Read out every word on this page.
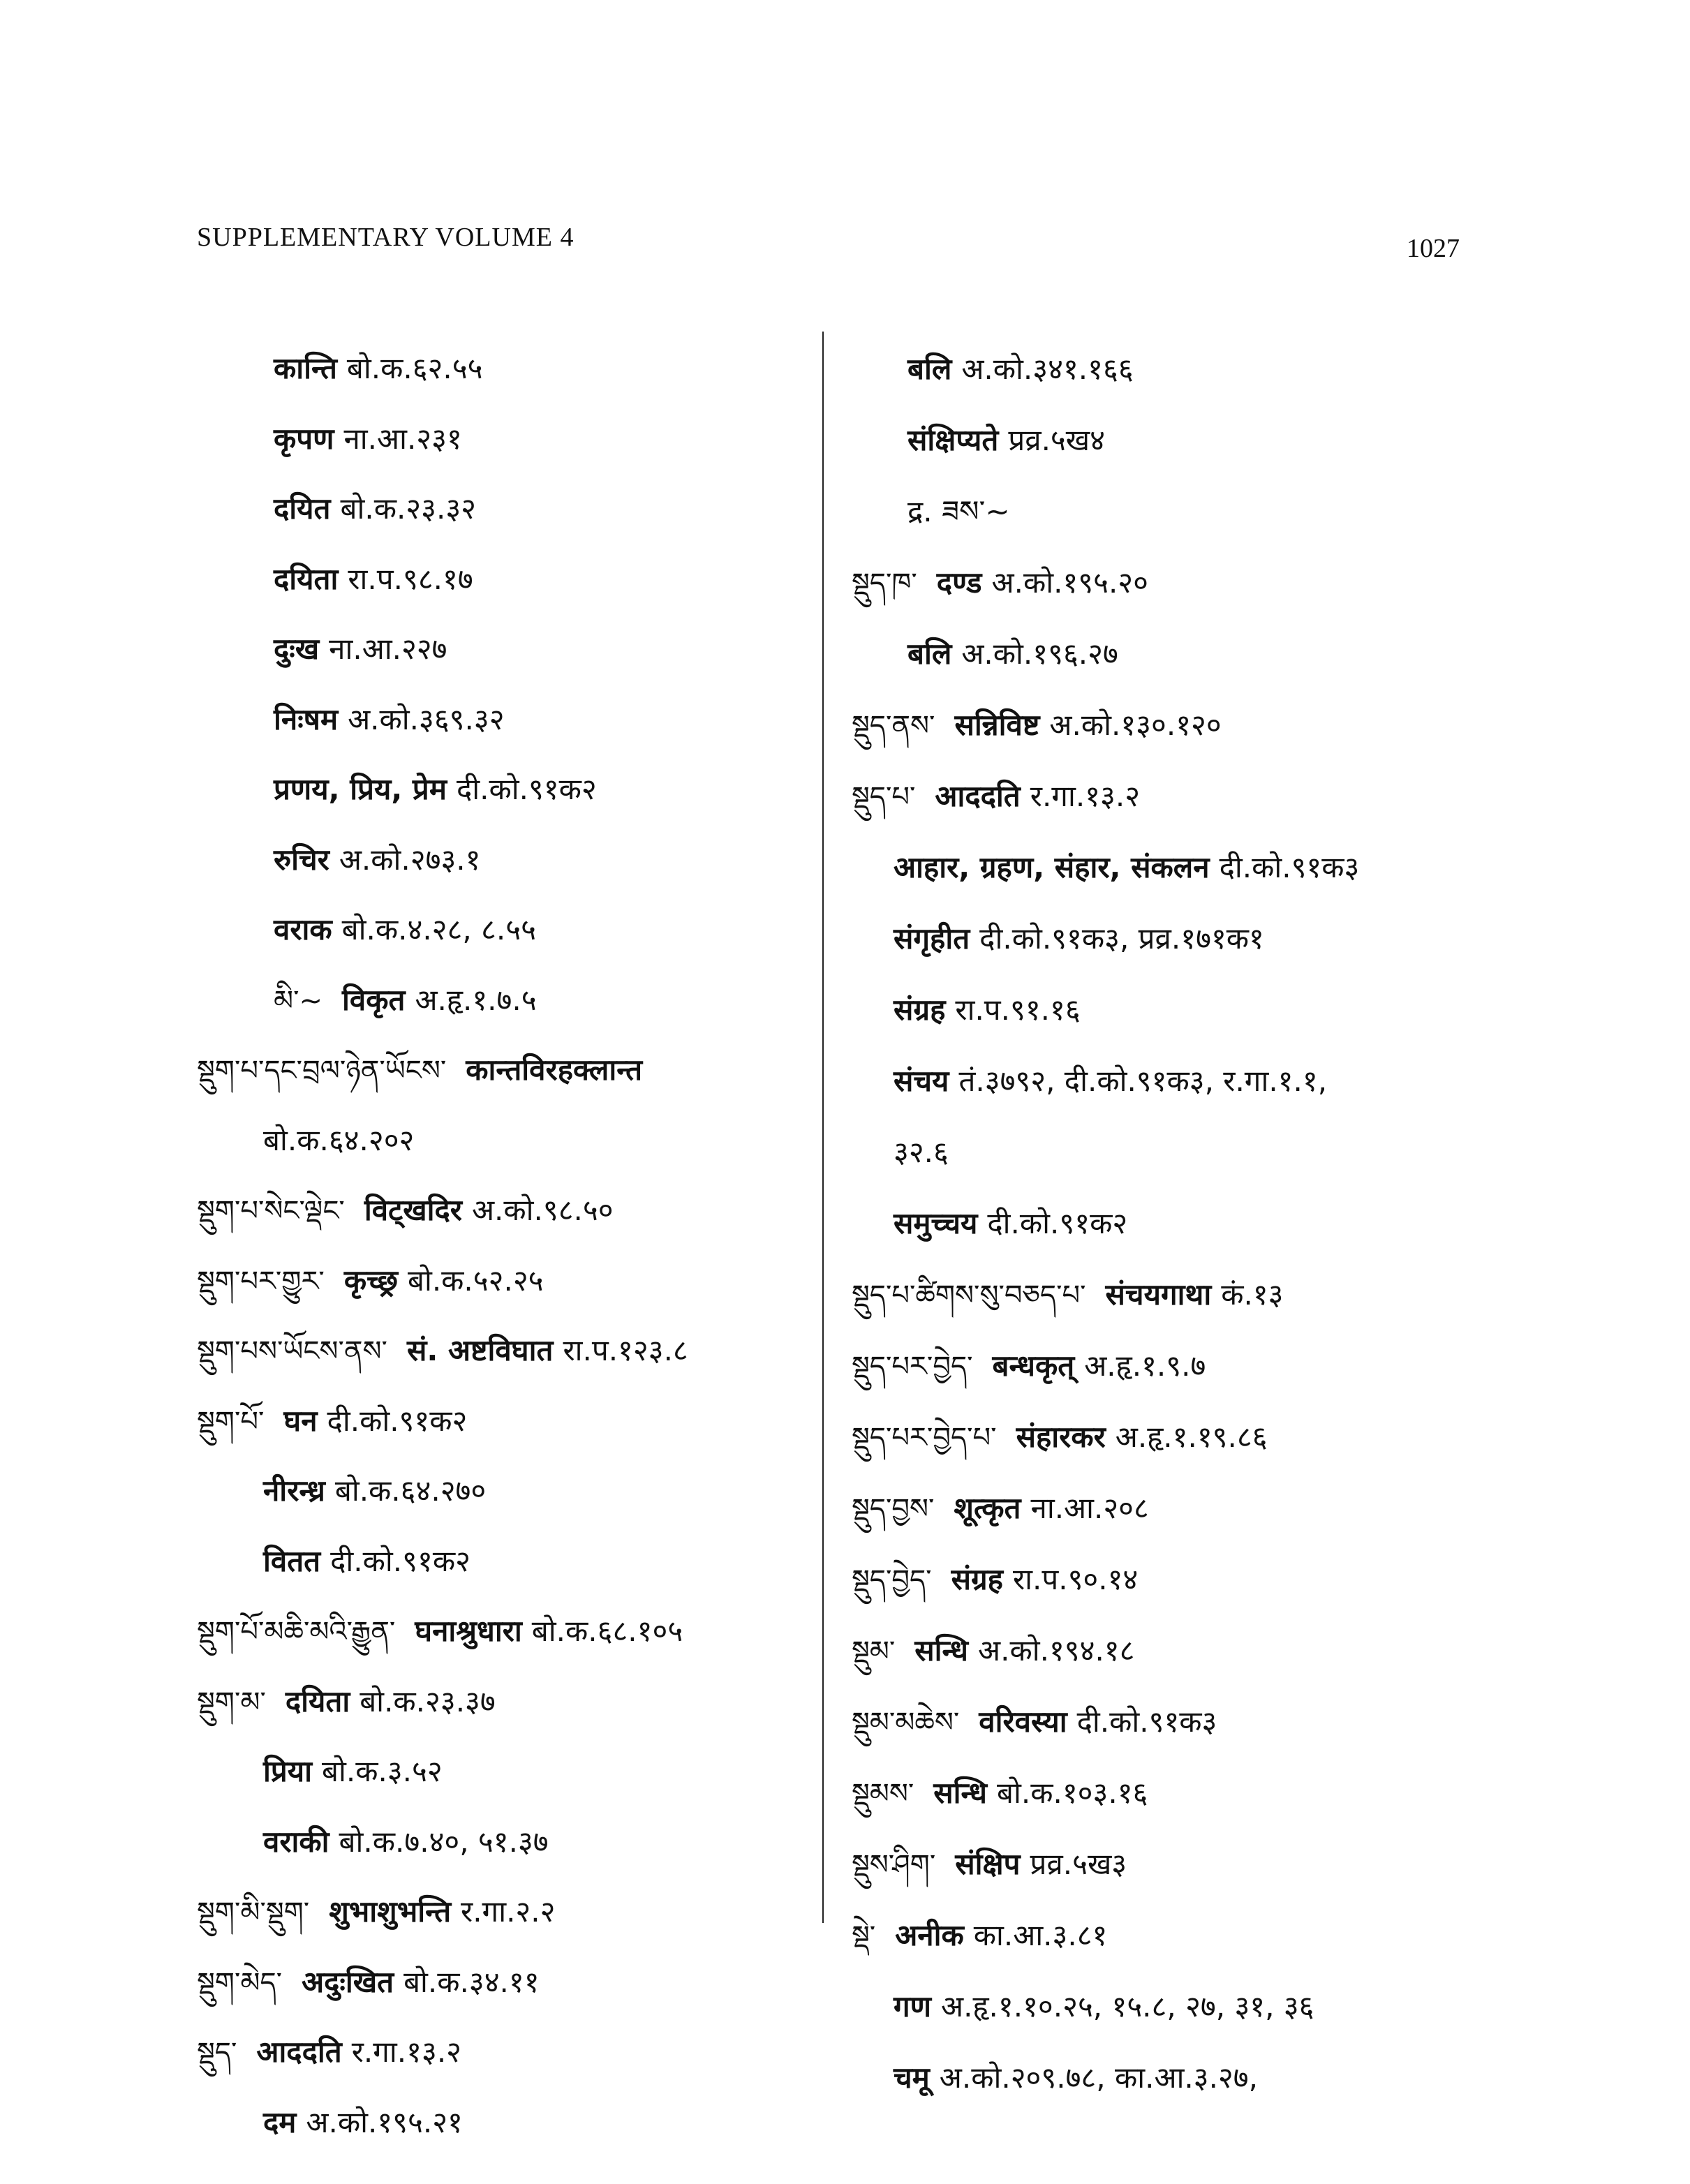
SUPPLEMENTARY VOLUME 4	1027
कान्ति बो.क.६२.५५
कृपण ना.आ.२३१
दयित बो.क.२३.३२
दयिता रा.प.९८.१७
दुःख ना.आ.२२७
निःषम अ.को.३६९.३२
प्रणय, प्रिय, प्रेम दी.को.९१क२
रुचिर अ.को.२७३.१
वराक बो.क.४.२८, ८.५५
མི་~ विकृत अ.हृ.१.७.५
སྡུག་པ་དང་བྲལ་ཉེན་ཡོངས་ कान्तविरहक्लान्त
बो.क.६४.२०२
སྡུག་པ་སེང་ལྡེང་ विट्खदिर अ.को.९८.५०
སྡུག་པར་གྱུར་ कृच्छ्र बो.क.५२.२५
སྡུག་པས་ཡོངས་ནས་ सं. अष्टविघात रा.प.१२३.८
སྡུག་པོ་ घन दी.को.९१क२
नीरन्ध्र बो.क.६४.२७०
वितत दी.को.९१क२
སྡུག་པོ་མཆི་མའི་རྒྱུན་ घनाश्रुधारा बो.क.६८.१०५
སྡུག་མ་ दयिता बो.क.२३.३७
प्रिया बो.क.३.५२
वराकी बो.क.७.४०, ५१.३७
སྡུག་མི་སྡུག་ शुभाशुभन्ति र.गा.२.२
སྡུག་མེད་ अदुःखित बो.क.३४.११
སྡུད་ आददति र.गा.१३.२
दम अ.को.१९५.२१
बलि अ.को.३४१.१६६
संक्षिप्यते प्रव्र.५ख४
द्र. ཟས་~
སྡུད་ཁ་ दण्ड अ.को.१९५.२०
बलि अ.को.१९६.२७
སྡུད་ནས་ सन्निविष्ट अ.को.१३०.१२०
སྡུད་པ་ आददति र.गा.१३.२
आहार, ग्रहण, संहार, संकलन दी.को.९१क३
संगृहीत दी.को.९१क३, प्रव्र.१७१क१
संग्रह रा.प.९१.१६
संचय तं.३७९२, दी.को.९१क३, र.गा.१.१,
३२.६
समुच्चय दी.को.९१क२
སྡུད་པ་ཚིགས་སུ་བཅད་པ་ संचयगाथा कं.१३
སྡུད་པར་བྱེད་ बन्धकृत् अ.हृ.१.९.७
སྡུད་པར་བྱེད་པ་ संहारकर अ.हृ.१.१९.८६
སྡུད་བྱས་ शूत्कृत ना.आ.२०८
སྡུད་བྱེད་ संग्रह रा.प.९०.१४
སྡུམ་ सन्धि अ.को.१९४.१८
སྡུམ་མཆེས་ वरिवस्या दी.को.९१क३
སྡུམས་ सन्धि बो.क.१०३.१६
སྡུས་ཤིག་ संक्षिप प्रव्र.५ख३
སྡེ་ अनीक का.आ.३.८१
गण अ.हृ.१.१०.२५, १५.८, २७, ३१, ३६
चमू अ.को.२०९.७८, का.आ.३.२७,
